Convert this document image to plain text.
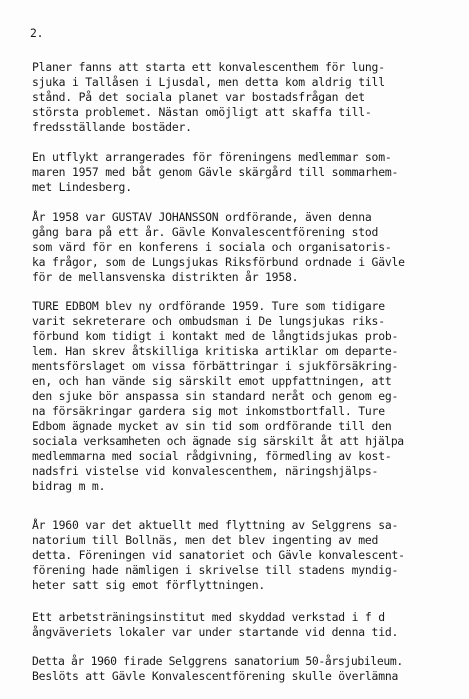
2.

Planer fanns att starta ett konvalescenthem för lung-

sjuka i Tallåsen i Ljusdal, men detta kom aldrig till

stånd. På det sociala planet var bostadsfrågan det

största problemet. Nästan omöjligt att skaffa till-

fredsställande bostäder.

En utflykt arrangerades för föreningens medlemmar som-

maren 1957 med båt genom Gävle skärgård till sommarhem-

met Lindesberg.

År 1958 var GUSTAV JOHANSSON ordförande, även denna

gång bara på ett år. Gävle Konvalescentförening stod

som värd för en konferens i sociala och organisatoris-

ka frågor, som de Lungsjukas Riksförbund ordnade i Gävle

för de mellansvenska distrikten år 1958.

TURE EDBOM blev ny ordförande 1959. Ture som tidigare

varit sekreterare och ombudsman i De lungsjukas riks-

förbund kom tidigt i kontakt med de långtidsjukas prob-

lem. Han skrev åtskilliga kritiska artiklar om departe-

mentsförslaget om vissa förbättringar i sjukförsäkring-

en, och han vände sig särskilt emot uppfattningen, att

den sjuke bör anspassa sin standard neråt och genom eg-

na försäkringar gardera sig mot inkomstbortfall. Ture

Edbom ägnade mycket av sin tid som ordförande till den

sociala verksamheten och ägnade sig särskilt åt att hjälpa

medlemmarna med social rådgivning, förmedling av kost-

nadsfri vistelse vid konvalescenthem, näringshjälps-

bidrag m m.

År 1960 var det aktuellt med flyttning av Selggrens sa-

natorium till Bollnäs, men det blev ingenting av med

detta. Föreningen vid sanatoriet och Gävle konvalescent-

förening hade nämligen i skrivelse till stadens myndig-

heter satt sig emot förflyttningen.

Ett arbetsträningsinstitut med skyddad verkstad i f d

ångväveriets lokaler var under startande vid denna tid.

Detta år 1960 firade Selggrens sanatorium 50-årsjubileum.

Beslöts att Gävle Konvalescentförening skulle överlämna
